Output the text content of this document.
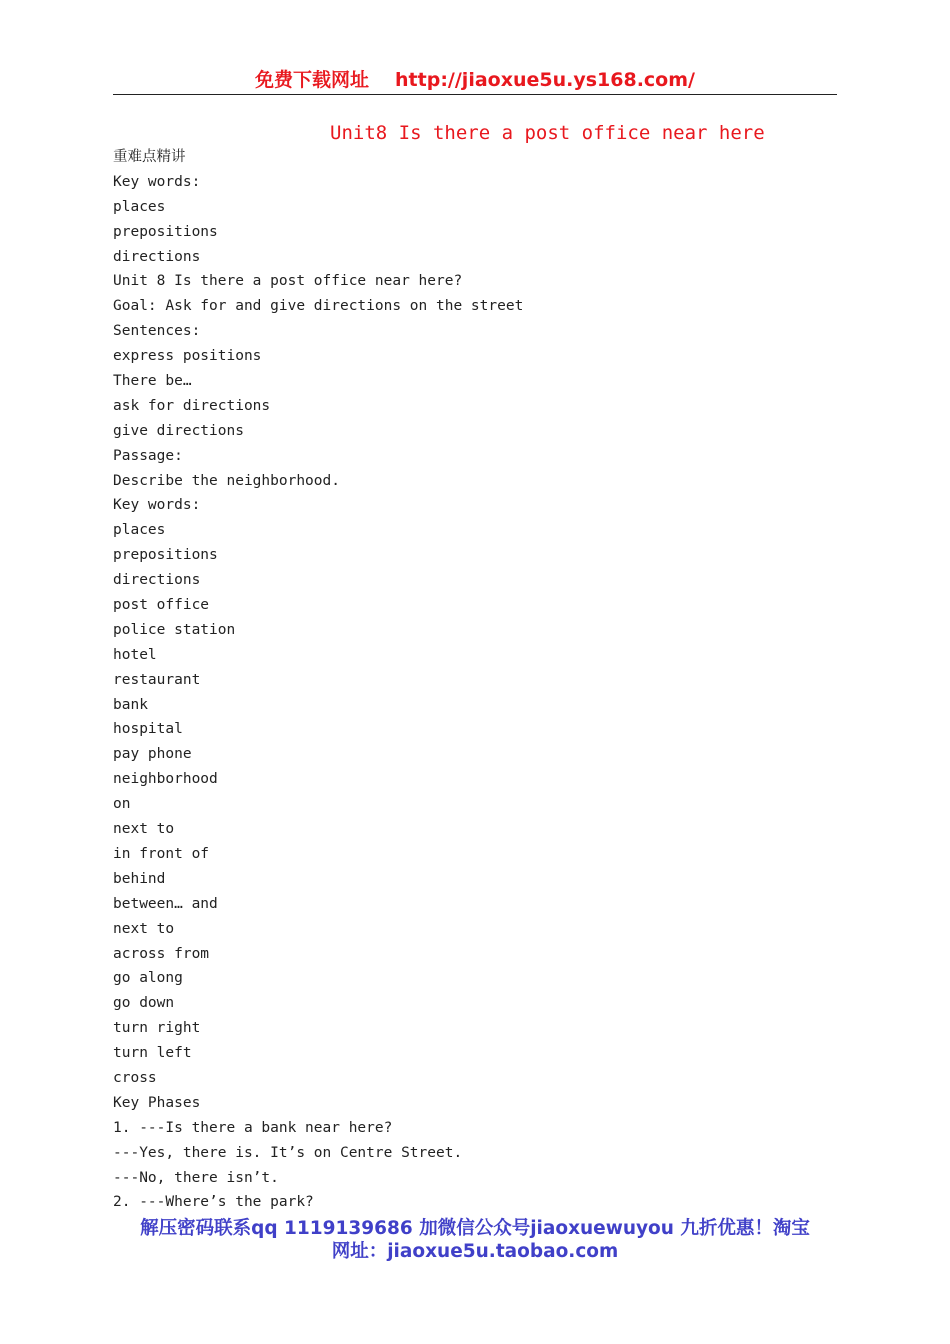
免费下载网址 http://jiaoxue5u.ys168.com/
Unit8 Is there a post office near here
重难点精讲
Key words:
places
prepositions
directions
Unit 8 Is there a post office near here?
Goal: Ask for and give directions on the street
Sentences:
express positions
There be…
ask for directions
give directions
Passage:
Describe the neighborhood.
Key words:
places
prepositions
directions
post office
police station
hotel
restaurant
bank
hospital
pay phone
neighborhood
on
next to
in front of
behind
between… and
next to
across from
go along
go down
turn right
turn left
cross
Key Phases
1. ---Is there a bank near here?
---Yes, there is. It’s on Centre Street.
---No, there isn’t.
2. ---Where’s the park?
解压密码联系qq 1119139686 加微信公众号jiaoxuewuyou 九折优惠！淘宝
网址：jiaoxue5u.taobao.com
